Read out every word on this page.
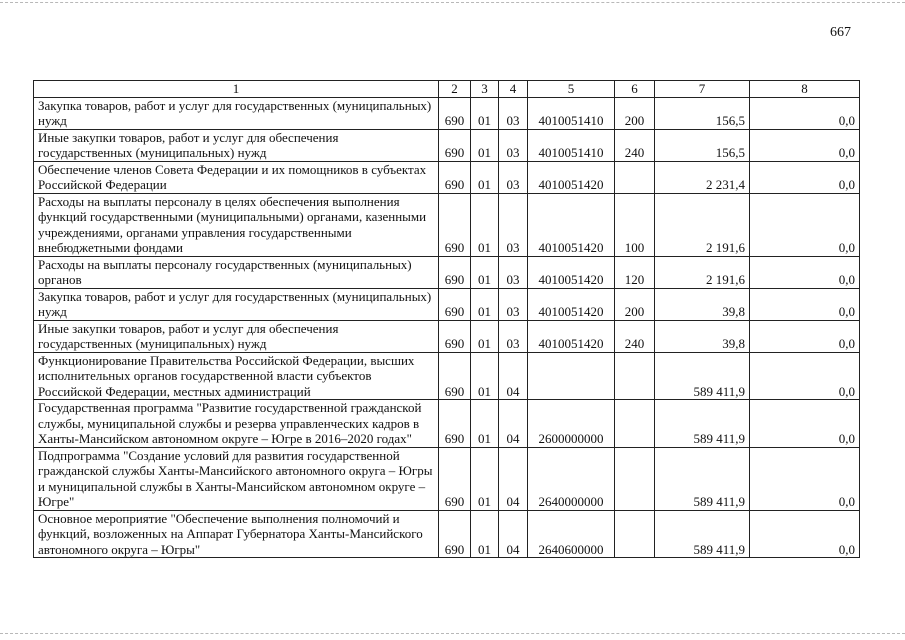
667
1	2	3	4	5	6	7	8
Закупка товаров, работ и услуг для государственных (муниципальных) нужд	690	01	03	4010051410	200	156,5	0,0
Иные закупки товаров, работ и услуг для обеспечения государственных (муниципальных) нужд	690	01	03	4010051410	240	156,5	0,0
Обеспечение членов Совета Федерации и их помощников в субъектах Российской Федерации	690	01	03	4010051420		2 231,4	0,0
Расходы на выплаты персоналу в целях обеспечения выполнения функций государственными (муниципальными) органами, казенными учреждениями, органами управления государственными внебюджетными фондами	690	01	03	4010051420	100	2 191,6	0,0
Расходы на выплаты персоналу государственных (муниципальных) органов	690	01	03	4010051420	120	2 191,6	0,0
Закупка товаров, работ и услуг для государственных (муниципальных) нужд	690	01	03	4010051420	200	39,8	0,0
Иные закупки товаров, работ и услуг для обеспечения государственных (муниципальных) нужд	690	01	03	4010051420	240	39,8	0,0
Функционирование Правительства Российской Федерации, высших исполнительных органов государственной власти субъектов Российской Федерации, местных администраций	690	01	04			589 411,9	0,0
Государственная программа "Развитие государственной гражданской службы, муниципальной службы и резерва управленческих кадров в Ханты-Мансийском автономном округе – Югре в 2016–2020 годах"	690	01	04	2600000000		589 411,9	0,0
Подпрограмма "Создание условий для развития государственной гражданской службы Ханты-Мансийского автономного округа – Югры и муниципальной службы в Ханты-Мансийском автономном округе – Югре"	690	01	04	2640000000		589 411,9	0,0
Основное мероприятие "Обеспечение выполнения полномочий и функций, возложенных на Аппарат Губернатора Ханты-Мансийского автономного округа – Югры"	690	01	04	2640600000		589 411,9	0,0
